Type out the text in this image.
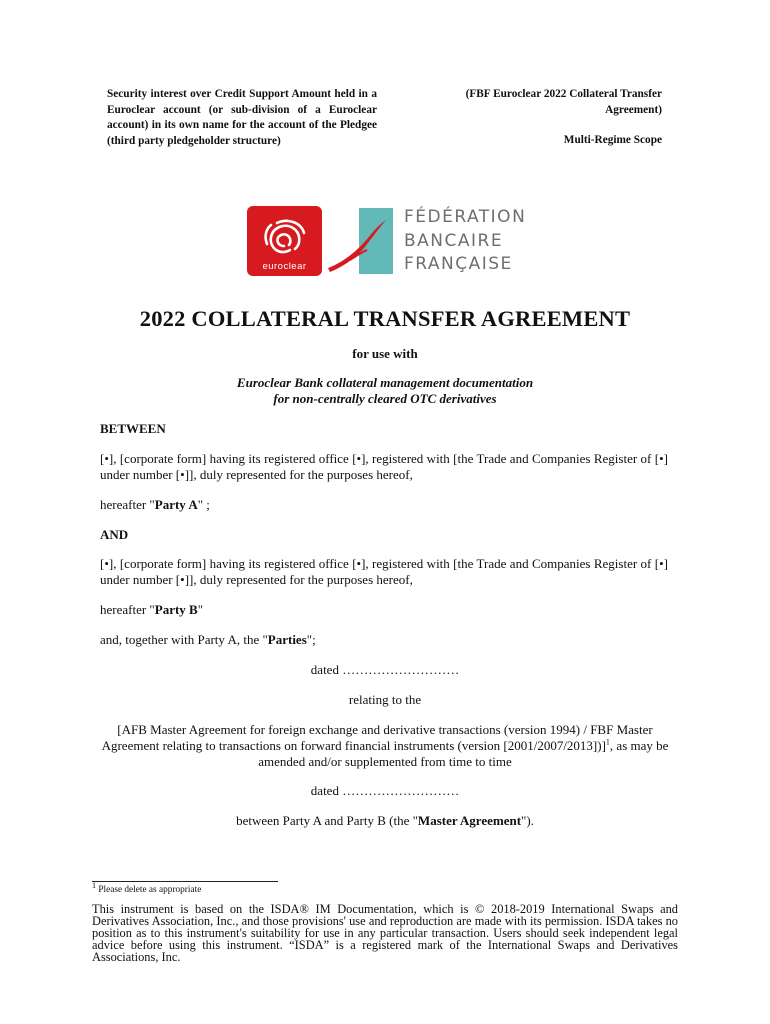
Security interest over Credit Support Amount held in a Euroclear account (or sub-division of a Euroclear account) in its own name for the account of the Pledgee (third party pledgeholder structure)
(FBF Euroclear 2022 Collateral Transfer Agreement)
Multi-Regime Scope
euroclear
FÉDÉRATION
BANCAIRE
FRANÇAISE
2022 COLLATERAL TRANSFER AGREEMENT
for use with
Euroclear Bank collateral management documentation
for non-centrally cleared OTC derivatives
BETWEEN
[•], [corporate form] having its registered office [•], registered with [the Trade and Companies Register of [•] under number [•]], duly represented for the purposes hereof,
hereafter "Party A" ;
AND
[•], [corporate form] having its registered office [•], registered with [the Trade and Companies Register of [•] under number [•]], duly represented for the purposes hereof,
hereafter "Party B"
and, together with Party A, the "Parties";
dated ………………………
relating to the
[AFB Master Agreement for foreign exchange and derivative transactions (version 1994) / FBF Master Agreement relating to transactions on forward financial instruments (version [2001/2007/2013])]$^1$, as may be amended and/or supplemented from time to time
dated ………………………
between Party A and Party B (the "Master Agreement").
$^1$ Please delete as appropriate
This instrument is based on the ISDA® IM Documentation, which is © 2018-2019 International Swaps and Derivatives Association, Inc., and those provisions' use and reproduction are made with its permission. ISDA takes no position as to this instrument's suitability for use in any particular transaction. Users should seek independent legal advice before using this instrument. “ISDA” is a registered mark of the International Swaps and Derivatives Associations, Inc.
